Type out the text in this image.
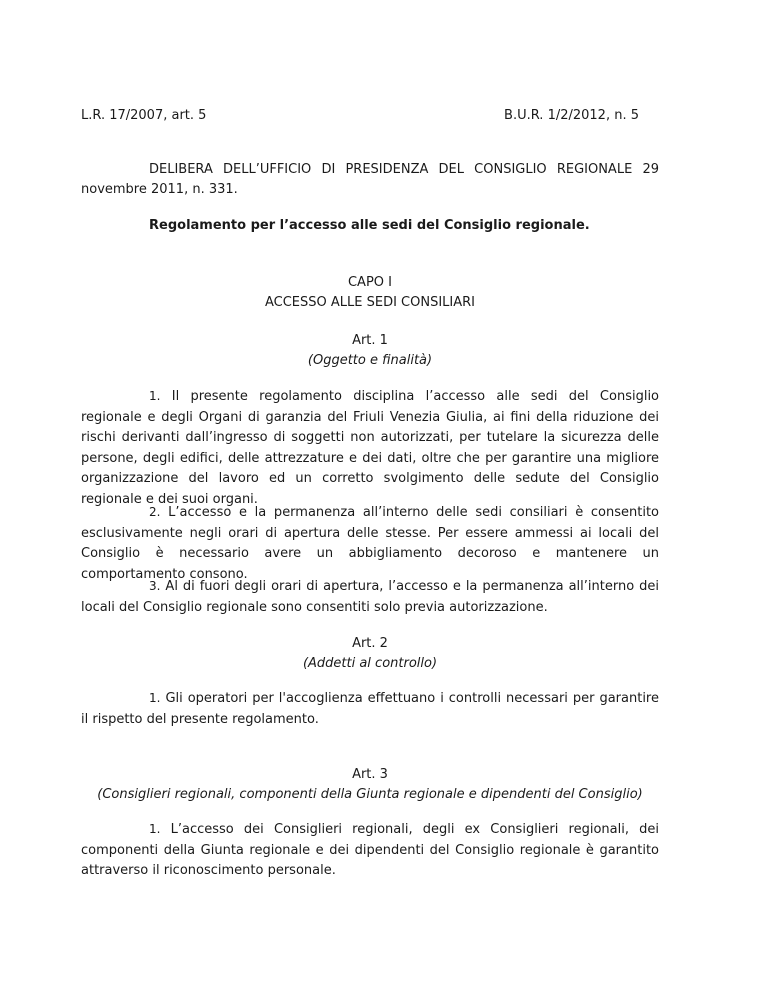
L.R. 17/2007, art. 5	B.U.R. 1/2/2012, n. 5
DELIBERA DELL’UFFICIO DI PRESIDENZA DEL CONSIGLIO REGIONALE 29 novembre 2011, n. 331.
Regolamento per l’accesso alle sedi del Consiglio regionale.
CAPO I
ACCESSO ALLE SEDI CONSILIARI
Art. 1
(Oggetto e finalità)
1. Il presente regolamento disciplina l’accesso alle sedi del Consiglio regionale e degli Organi di garanzia del Friuli Venezia Giulia, ai fini della riduzione dei rischi derivanti dall’ingresso di soggetti non autorizzati, per tutelare la sicurezza delle persone, degli edifici, delle attrezzature e dei dati, oltre che per garantire una migliore organizzazione del lavoro ed un corretto svolgimento delle sedute del Consiglio regionale e dei suoi organi.
2. L’accesso e la permanenza all’interno delle sedi consiliari è consentito esclusivamente negli orari di apertura delle stesse. Per essere ammessi ai locali del Consiglio è necessario avere un abbigliamento decoroso e mantenere un comportamento consono.
3. Al di fuori degli orari di apertura, l’accesso e la permanenza all’interno dei locali del Consiglio regionale sono consentiti solo previa autorizzazione.
Art. 2
(Addetti al controllo)
1. Gli operatori per l'accoglienza effettuano i controlli necessari per garantire il rispetto del presente regolamento.
Art. 3
(Consiglieri regionali, componenti della Giunta regionale e dipendenti del Consiglio)
1. L’accesso dei Consiglieri regionali, degli ex Consiglieri regionali, dei componenti della Giunta regionale e dei dipendenti del Consiglio regionale è garantito attraverso il riconoscimento personale.
